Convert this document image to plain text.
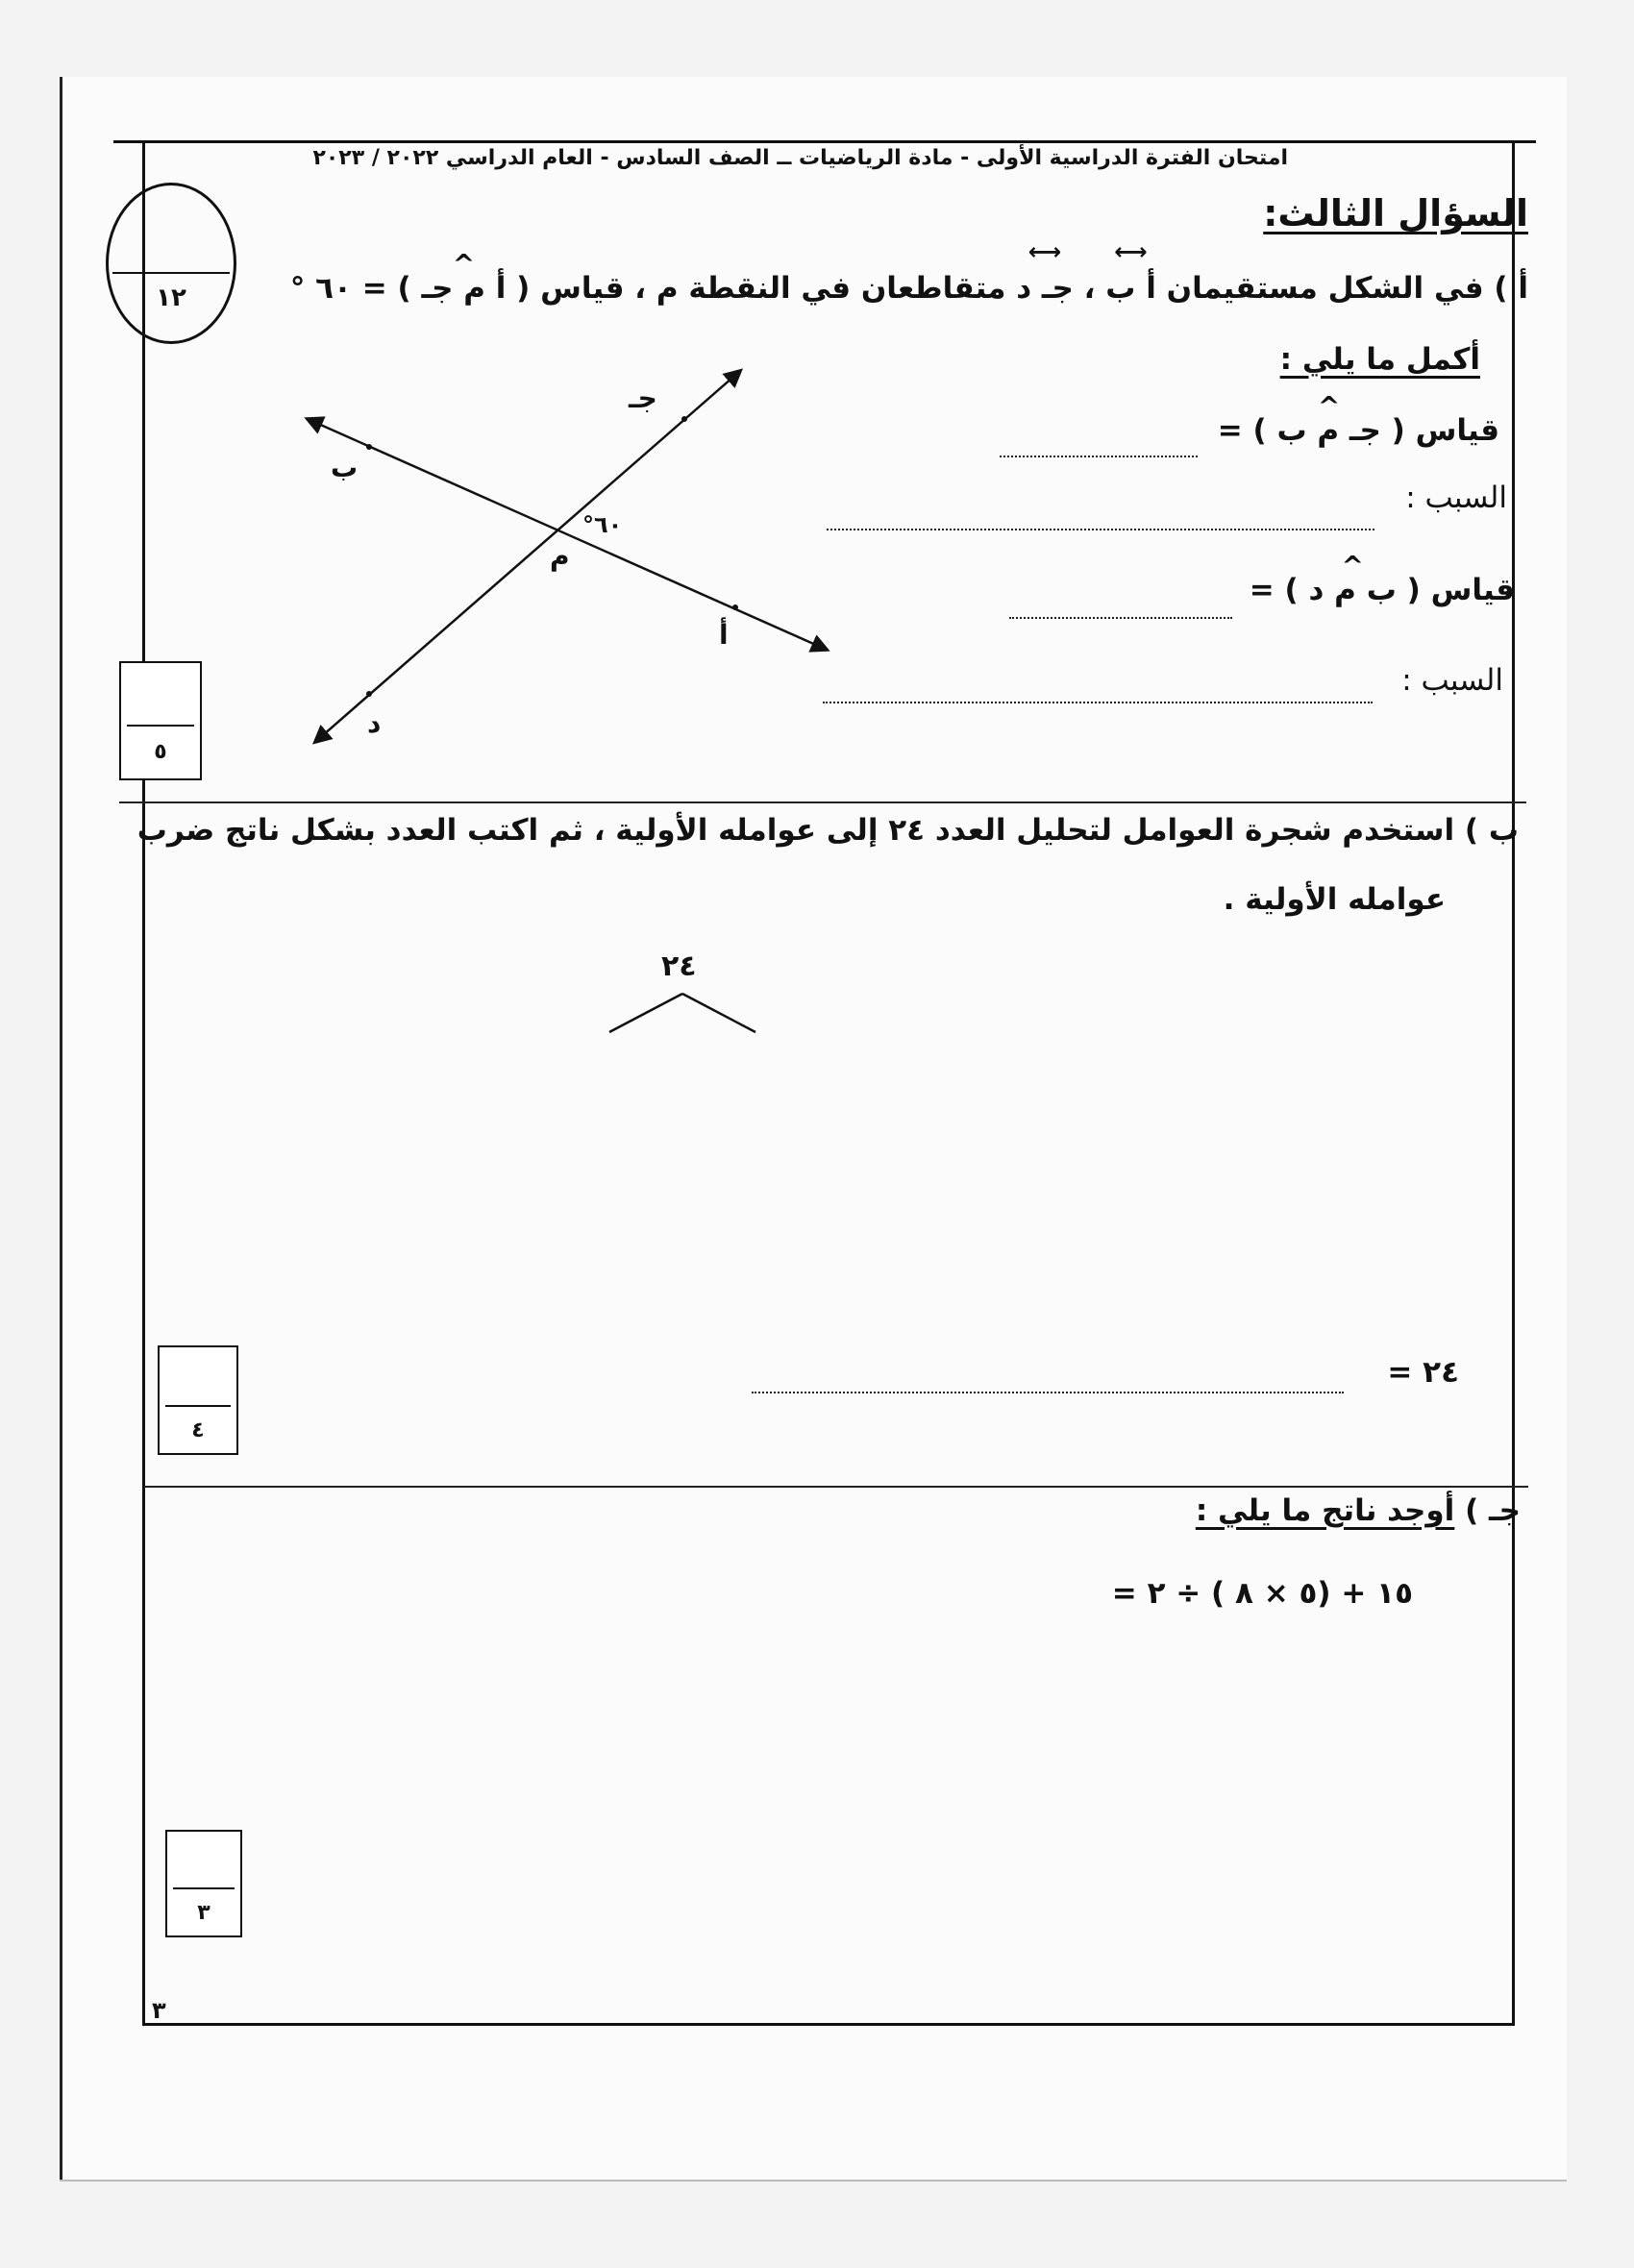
امتحان الفترة الدراسية الأولى - مادة الرياضيات ــ الصف السادس - العام الدراسي ٢٠٢٢ / ٢٠٢٣
السؤال الثالث:
١٢	أ ) في الشكل مستقيمان ⟷ أ ب ، ⟷ جـ د متقاطعان في النقطة م ، قياس ( ^ أ م جـ ) = ٦٠ °
أكمل ما يلي :
قياس ( ^ جـ م ب ) =
السبب :
قياس ( ^ ب م د ) =
السبب :
أ
ب
جـ
د
م
٦٠°
٥
ب ) استخدم شجرة العوامل لتحليل العدد ٢٤ إلى عوامله الأولية ، ثم اكتب العدد بشكل ناتج ضرب
عوامله الأولية .
٢٤
٢٤ =
٤
جـ ) أوجد ناتج ما يلي :
١٥ + (٥ × ٨ ) ÷ ٢ =
٣
٣
